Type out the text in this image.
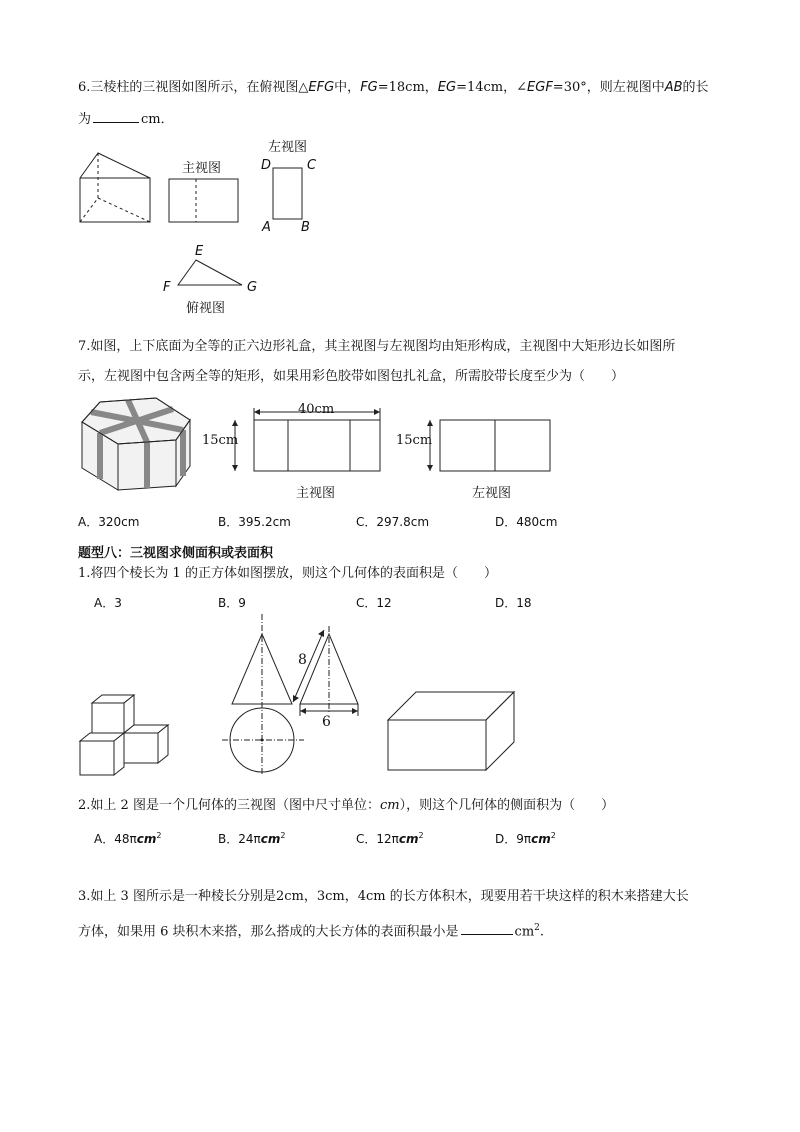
6.三棱柱的三视图如图所示，在俯视图△EFG中，FG=18cm，EG=14cm，∠EGF=30°，则左视图中AB的长
为	cm．
主视图
左视图
D	C
A B
E
F	G
俯视图
7.如图，上下底面为全等的正六边形礼盒，其主视图与左视图均由矩形构成，主视图中大矩形边长如图所
示，左视图中包含两全等的矩形，如果用彩色胶带如图包扎礼盒，所需胶带长度至少为（　　）
40cm
15cm
主视图
15cm
左视图
A．320cm	B．395.2cm	C．297.8cm	D．480cm
题型八：三视图求侧面积或表面积
1.将四个棱长为 1 的正方体如图摆放，则这个几何体的表面积是（　　）
A．3	B．9	C．12	D．18
8
6
2.如上 2 图是一个几何体的三视图（图中尺寸单位：cm），则这个几何体的侧面积为（　　）
A．48πcm$^2$	B．24πcm$^2$	C．12πcm$^2$	D．9πcm$^2$
3.如上 3 图所示是一种棱长分别是2cm，3cm，4cm 的长方体积木，现要用若干块这样的积木来搭建大长
方体，如果用 6 块积木来搭，那么搭成的大长方体的表面积最小是	$cm^2$.
